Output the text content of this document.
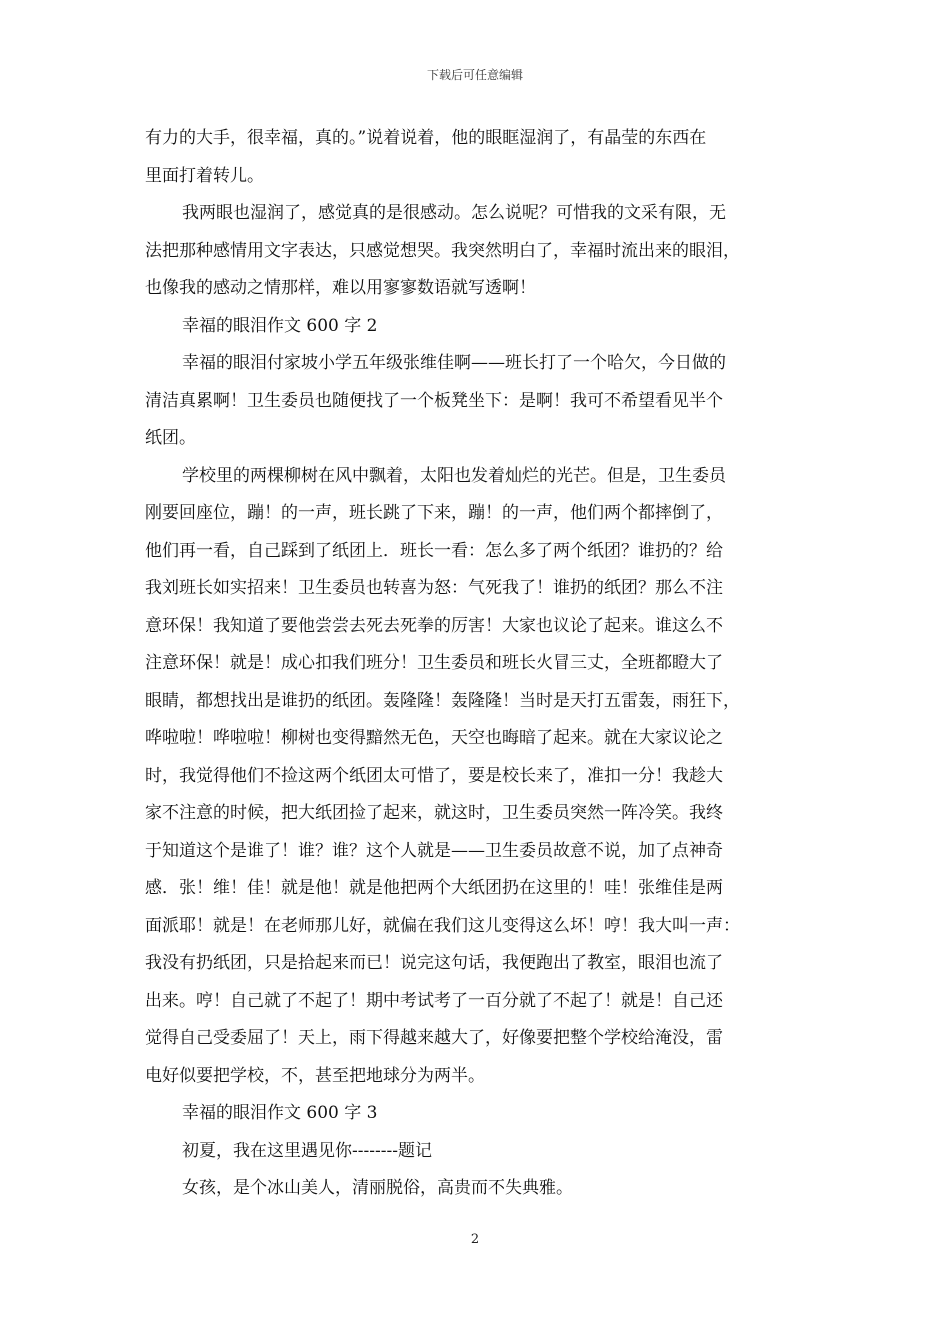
下载后可任意编辑

有力的大手，很幸福，真的。”说着说着，他的眼眶湿润了，有晶莹的东西在

里面打着转儿。

我两眼也湿润了，感觉真的是很感动。怎么说呢？可惜我的文采有限，无

法把那种感情用文字表达，只感觉想哭。我突然明白了，幸福时流出来的眼泪，

也像我的感动之情那样，难以用寥寥数语就写透啊！

幸福的眼泪作文 600 字 2

幸福的眼泪付家坡小学五年级张维佳啊——班长打了一个哈欠，今日做的

清洁真累啊！卫生委员也随便找了一个板凳坐下：是啊！我可不希望看见半个

纸团。

学校里的两棵柳树在风中飘着，太阳也发着灿烂的光芒。但是，卫生委员

刚要回座位，蹦！的一声，班长跳了下来，蹦！的一声，他们两个都摔倒了，

他们再一看，自己踩到了纸团上．班长一看：怎么多了两个纸团？谁扔的？给

我刘班长如实招来！卫生委员也转喜为怒：气死我了！谁扔的纸团？那么不注

意环保！我知道了要他尝尝去死去死拳的厉害！大家也议论了起来。谁这么不

注意环保！就是！成心扣我们班分！卫生委员和班长火冒三丈，全班都瞪大了

眼睛，都想找出是谁扔的纸团。轰隆隆！轰隆隆！当时是天打五雷轰，雨狂下，

哗啦啦！哗啦啦！柳树也变得黯然无色，天空也晦暗了起来。就在大家议论之

时，我觉得他们不捡这两个纸团太可惜了，要是校长来了，准扣一分！我趁大

家不注意的时候，把大纸团捡了起来，就这时，卫生委员突然一阵冷笑。我终

于知道这个是谁了！谁？谁？这个人就是——卫生委员故意不说，加了点神奇

感．张！维！佳！就是他！就是他把两个大纸团扔在这里的！哇！张维佳是两

面派耶！就是！在老师那儿好，就偏在我们这儿变得这么坏！哼！我大叫一声：

我没有扔纸团，只是拾起来而已！说完这句话，我便跑出了教室，眼泪也流了

出来。哼！自己就了不起了！期中考试考了一百分就了不起了！就是！自己还

觉得自己受委屈了！天上，雨下得越来越大了，好像要把整个学校给淹没，雷

电好似要把学校，不，甚至把地球分为两半。

幸福的眼泪作文 600 字 3

初夏，我在这里遇见你--------题记

女孩，是个冰山美人，清丽脱俗，高贵而不失典雅。

2
